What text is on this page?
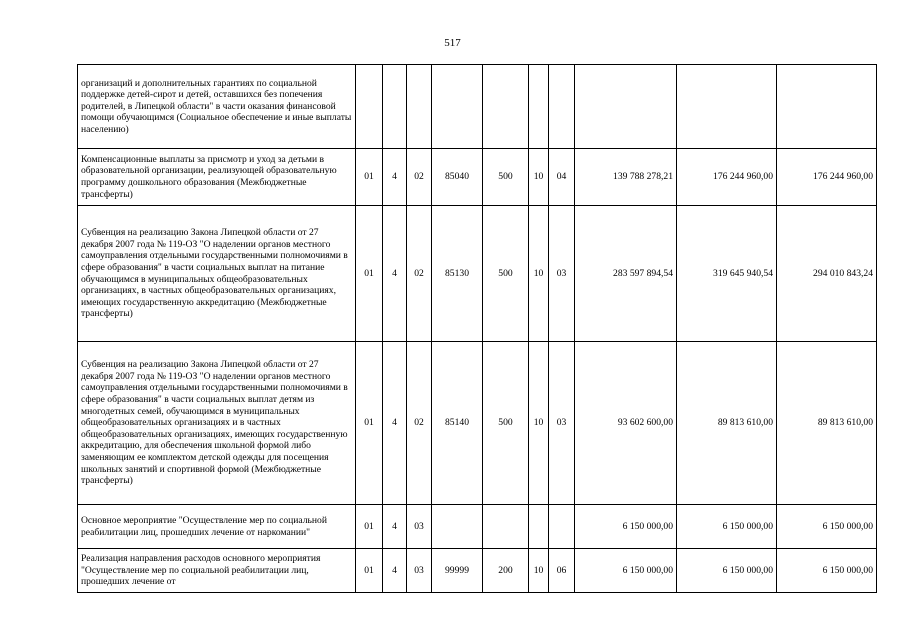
517
организаций и дополнительных гарантиях по социальной поддержке детей-сирот и детей, оставшихся без попечения родителей, в Липецкой области" в части оказания финансовой помощи обучающимся (Социальное обеспечение и иные выплаты населению)										
Компенсационные выплаты за присмотр и уход за детьми в образовательной организации, реализующей образовательную программу дошкольного образования (Межбюджетные трансферты)	01	4	02	85040	500	10	04	139 788 278,21	176 244 960,00	176 244 960,00
Субвенция на реализацию Закона Липецкой области от 27 декабря 2007 года № 119-ОЗ "О наделении органов местного самоуправления отдельными государственными полномочиями в сфере образования" в части социальных выплат на питание обучающимся в муниципальных общеобразовательных организациях, в частных общеобразовательных организациях, имеющих государственную аккредитацию (Межбюджетные трансферты)	01	4	02	85130	500	10	03	283 597 894,54	319 645 940,54	294 010 843,24
Субвенция на реализацию Закона Липецкой области от 27 декабря 2007 года № 119-ОЗ "О наделении органов местного самоуправления отдельными государственными полномочиями в сфере образования" в части социальных выплат детям из многодетных семей, обучающимся в муниципальных общеобразовательных организациях и в частных общеобразовательных организациях, имеющих государственную аккредитацию, для обеспечения школьной формой либо заменяющим ее комплектом детской одежды для посещения школьных занятий и спортивной формой (Межбюджетные трансферты)	01	4	02	85140	500	10	03	93 602 600,00	89 813 610,00	89 813 610,00
Основное мероприятие "Осуществление мер по социальной реабилитации лиц, прошедших лечение от наркомании"	01	4	03					6 150 000,00	6 150 000,00	6 150 000,00
Реализация направления расходов основного мероприятия "Осуществление мер по социальной реабилитации лиц, прошедших лечение от	01	4	03	99999	200	10	06	6 150 000,00	6 150 000,00	6 150 000,00
